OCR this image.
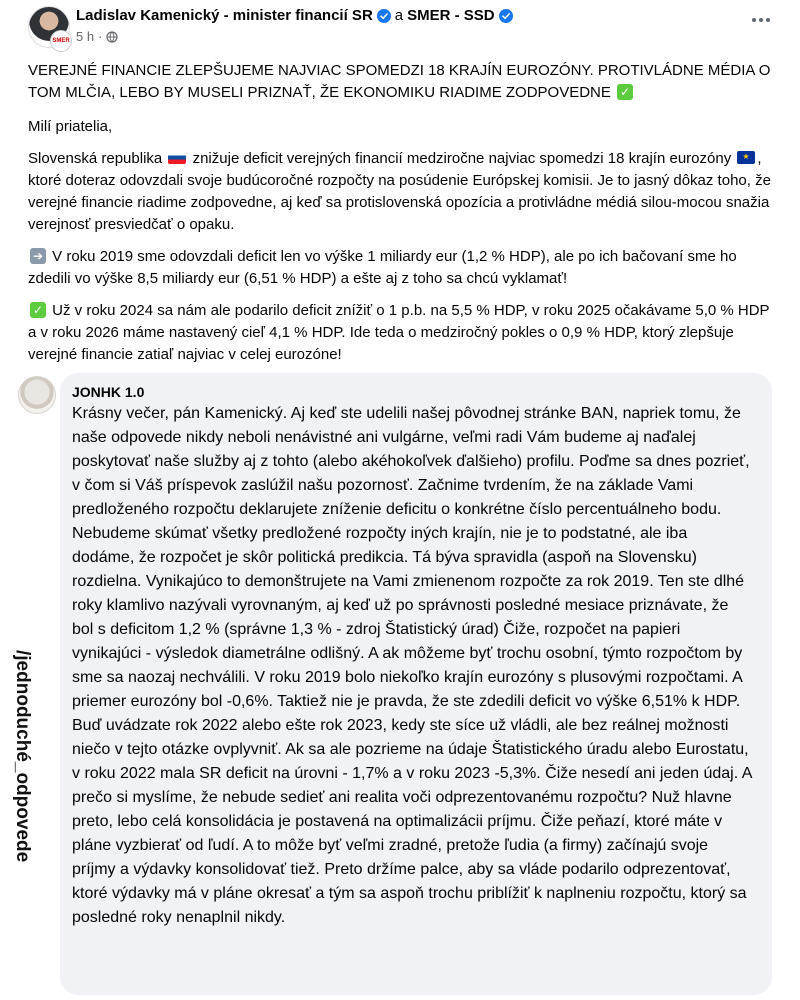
SMER
Ladislav Kamenický - minister financií SR a SMER - SSD
5 h ·

VEREJNÉ FINANCIE ZLEPŠUJEME NAJVIAC SPOMEDZI 18 KRAJÍN EUROZÓNY. PROTIVLÁDNE MÉDIA O TOM MLČIA, LEBO BY MUSELI PRIZNAŤ, ŽE EKONOMIKU RIADIME ZODPOVEDNE ✓

Milí priatelia,

Slovenská republika znižuje deficit verejných financií medziročne najviac spomedzi 18 krajín eurozóny ★ , ktoré doteraz odovzdali svoje budúcoročné rozpočty na posúdenie Európskej komisii. Je to jasný dôkaz toho, že verejné financie riadime zodpovedne, aj keď sa protislovenská opozícia a protivládne médiá silou-mocou snažia verejnosť presviedčať o opaku.

➔ V roku 2019 sme odovzdali deficit len vo výške 1 miliardy eur (1,2 % HDP), ale po ich bačovaní sme ho zdedili vo výške 8,5 miliardy eur (6,51 % HDP) a ešte aj z toho sa chcú vyklamať!

✓ Už v roku 2024 sa nám ale podarilo deficit znížiť o 1 p.b. na 5,5 % HDP, v roku 2025 očakávame 5,0 % HDP a v roku 2026 máme nastavený cieľ 4,1 % HDP. Ide teda o medziročný pokles o 0,9 % HDP, ktorý zlepšuje verejné financie zatiaľ najviac v celej eurozóne!

/jednoduché_odpovede
JONHK 1.0
Krásny večer, pán Kamenický. Aj keď ste udelili našej pôvodnej stránke BAN, napriek tomu, že naše odpovede nikdy neboli nenávistné ani vulgárne, veľmi radi Vám budeme aj naďalej poskytovať naše služby aj z tohto (alebo akéhokoľvek ďalšieho) profilu. Poďme sa dnes pozrieť, v čom si Váš príspevok zaslúžil našu pozornosť. Začnime tvrdením, že na základe Vami predloženého rozpočtu deklarujete zníženie deficitu o konkrétne číslo percentuálneho bodu. Nebudeme skúmať všetky predložené rozpočty iných krajín, nie je to podstatné, ale iba dodáme, že rozpočet je skôr politická predikcia. Tá býva spravidla (aspoň na Slovensku) rozdielna. Vynikajúco to demonštrujete na Vami zmienenom rozpočte za rok 2019. Ten ste dlhé roky klamlivo nazývali vyrovnaným, aj keď už po správnosti posledné mesiace priznávate, že bol s deficitom 1,2 % (správne 1,3 % - zdroj Štatistický úrad) Čiže, rozpočet na papieri vynikajúci - výsledok diametrálne odlišný. A ak môžeme byť trochu osobní, týmto rozpočtom by sme sa naozaj nechválili. V roku 2019 bolo niekoľko krajín eurozóny s plusovými rozpočtami. A priemer eurozóny bol -0,6%. Taktiež nie je pravda, že ste zdedili deficit vo výške 6,51% k HDP. Buď uvádzate rok 2022 alebo ešte rok 2023, kedy ste síce už vládli, ale bez reálnej možnosti niečo v tejto otázke ovplyvniť. Ak sa ale pozrieme na údaje Štatistického úradu alebo Eurostatu, v roku 2022 mala SR deficit na úrovni - 1,7% a v roku 2023 -5,3%. Čiže nesedí ani jeden údaj. A prečo si myslíme, že nebude sedieť ani realita voči odprezentovanému rozpočtu? Nuž hlavne preto, lebo celá konsolidácia je postavená na optimalizácii príjmu. Čiže peňazí, ktoré máte v pláne vyzbierať od ľudí. A to môže byť veľmi zradné, pretože ľudia (a firmy) začínajú svoje príjmy a výdavky konsolidovať tiež. Preto držíme palce, aby sa vláde podarilo odprezentovať, ktoré výdavky má v pláne okresať a tým sa aspoň trochu priblížiť k naplneniu rozpočtu, ktorý sa posledné roky nenaplnil nikdy.
